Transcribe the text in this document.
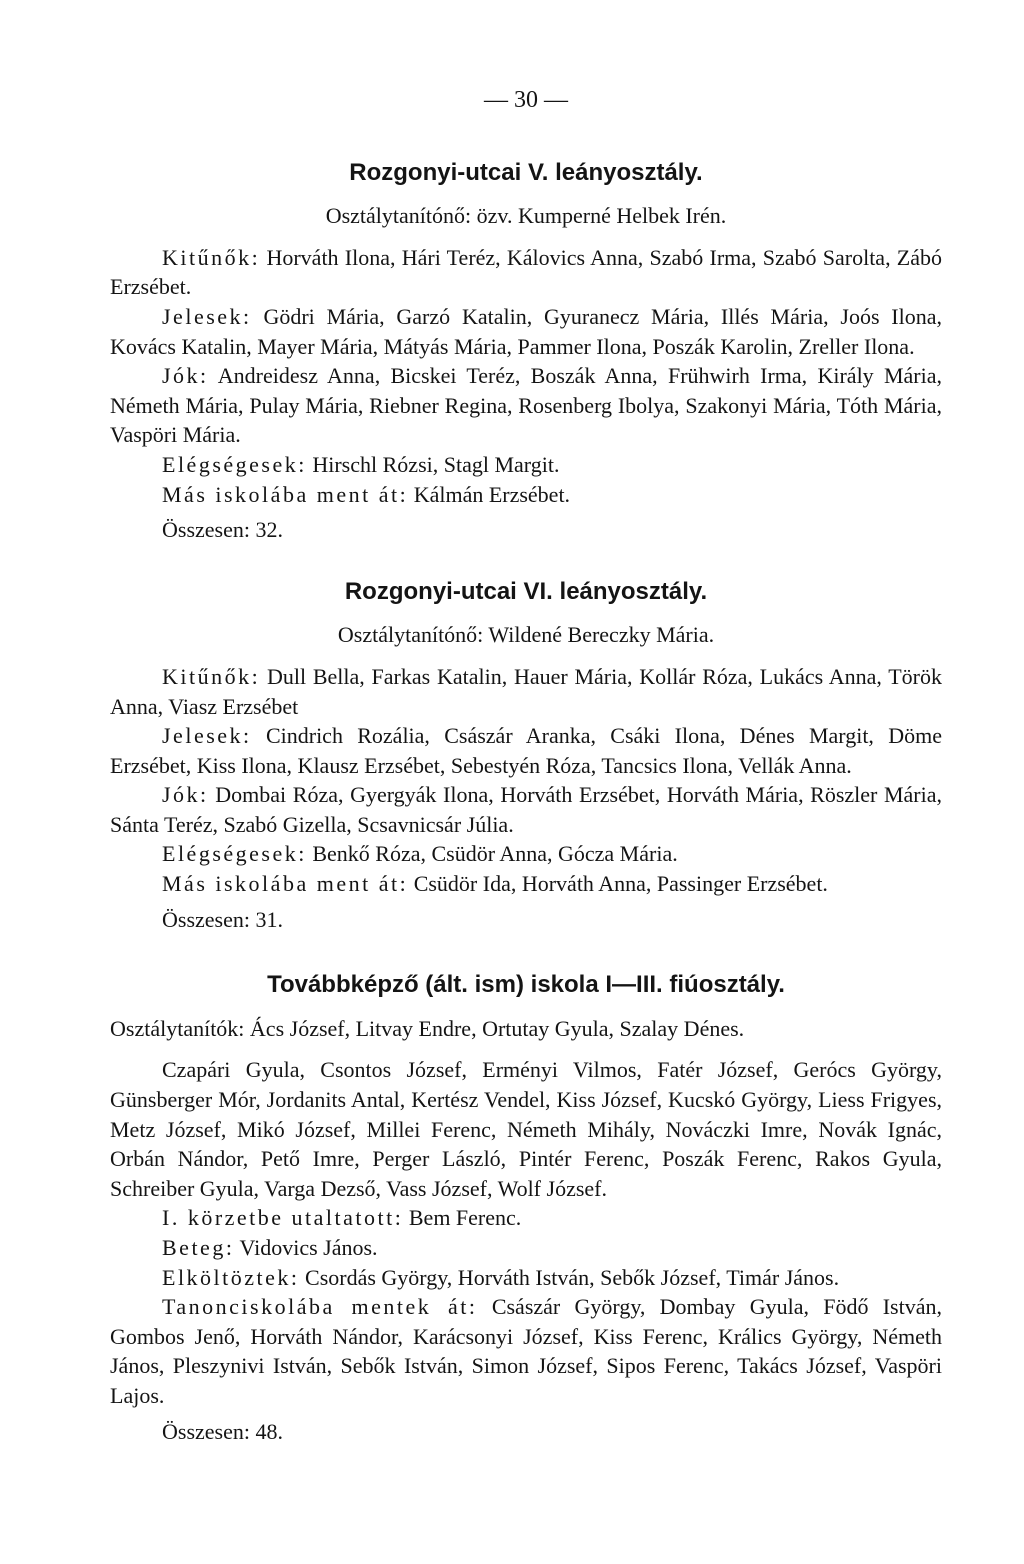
— 30 —
Rozgonyi-utcai V. leányosztály.
Osztálytanítónő: özv. Kumperné Helbek Irén.

Kitűnők: Horváth Ilona, Hári Teréz, Kálovics Anna, Szabó Irma, Szabó Sarolta, Zábó Erzsébet.

Jelesek: Gödri Mária, Garzó Katalin, Gyuranecz Mária, Illés Mária, Joós Ilona, Kovács Katalin, Mayer Mária, Mátyás Mária, Pammer Ilona, Poszák Karolin, Zreller Ilona.

Jók: Andreidesz Anna, Bicskei Teréz, Boszák Anna, Frühwirh Irma, Király Mária, Németh Mária, Pulay Mária, Riebner Regina, Rosenberg Ibolya, Szakonyi Mária, Tóth Mária, Vaspöri Mária.

Elégségesek: Hirschl Rózsi, Stagl Margit.

Más iskolába ment át: Kálmán Erzsébet.

Összesen: 32.

Rozgonyi-utcai VI. leányosztály.
Osztálytanítónő: Wildené Bereczky Mária.

Kitűnők: Dull Bella, Farkas Katalin, Hauer Mária, Kollár Róza, Lukács Anna, Török Anna, Viasz Erzsébet

Jelesek: Cindrich Rozália, Császár Aranka, Csáki Ilona, Dénes Margit, Döme Erzsébet, Kiss Ilona, Klausz Erzsébet, Sebestyén Róza, Tancsics Ilona, Vellák Anna.

Jók: Dombai Róza, Gyergyák Ilona, Horváth Erzsébet, Horváth Mária, Röszler Mária, Sánta Teréz, Szabó Gizella, Scsavnicsár Júlia.

Elégségesek: Benkő Róza, Csüdör Anna, Gócza Mária.

Más iskolába ment át: Csüdör Ida, Horváth Anna, Passinger Erzsébet.

Összesen: 31.

Továbbképző (ált. ism) iskola I—III. fiúosztály.
Osztálytanítók: Ács József, Litvay Endre, Ortutay Gyula, Szalay Dénes.

Czapári Gyula, Csontos József, Erményi Vilmos, Fatér József, Gerócs György, Günsberger Mór, Jordanits Antal, Kertész Vendel, Kiss József, Kucskó György, Liess Frigyes, Metz József, Mikó József, Millei Ferenc, Németh Mihály, Nováczki Imre, Novák Ignác, Orbán Nándor, Pető Imre, Perger László, Pintér Ferenc, Poszák Ferenc, Rakos Gyula, Schreiber Gyula, Varga Dezső, Vass József, Wolf József.

I. körzetbe utaltatott: Bem Ferenc.

Beteg: Vidovics János.

Elköltöztek: Csordás György, Horváth István, Sebők József, Timár János.

Tanonciskolába mentek át: Császár György, Dombay Gyula, Födő István, Gombos Jenő, Horváth Nándor, Karácsonyi József, Kiss Ferenc, Králics György, Németh János, Pleszynivi István, Sebők István, Simon József, Sipos Ferenc, Takács József, Vaspöri Lajos.

Összesen: 48.
